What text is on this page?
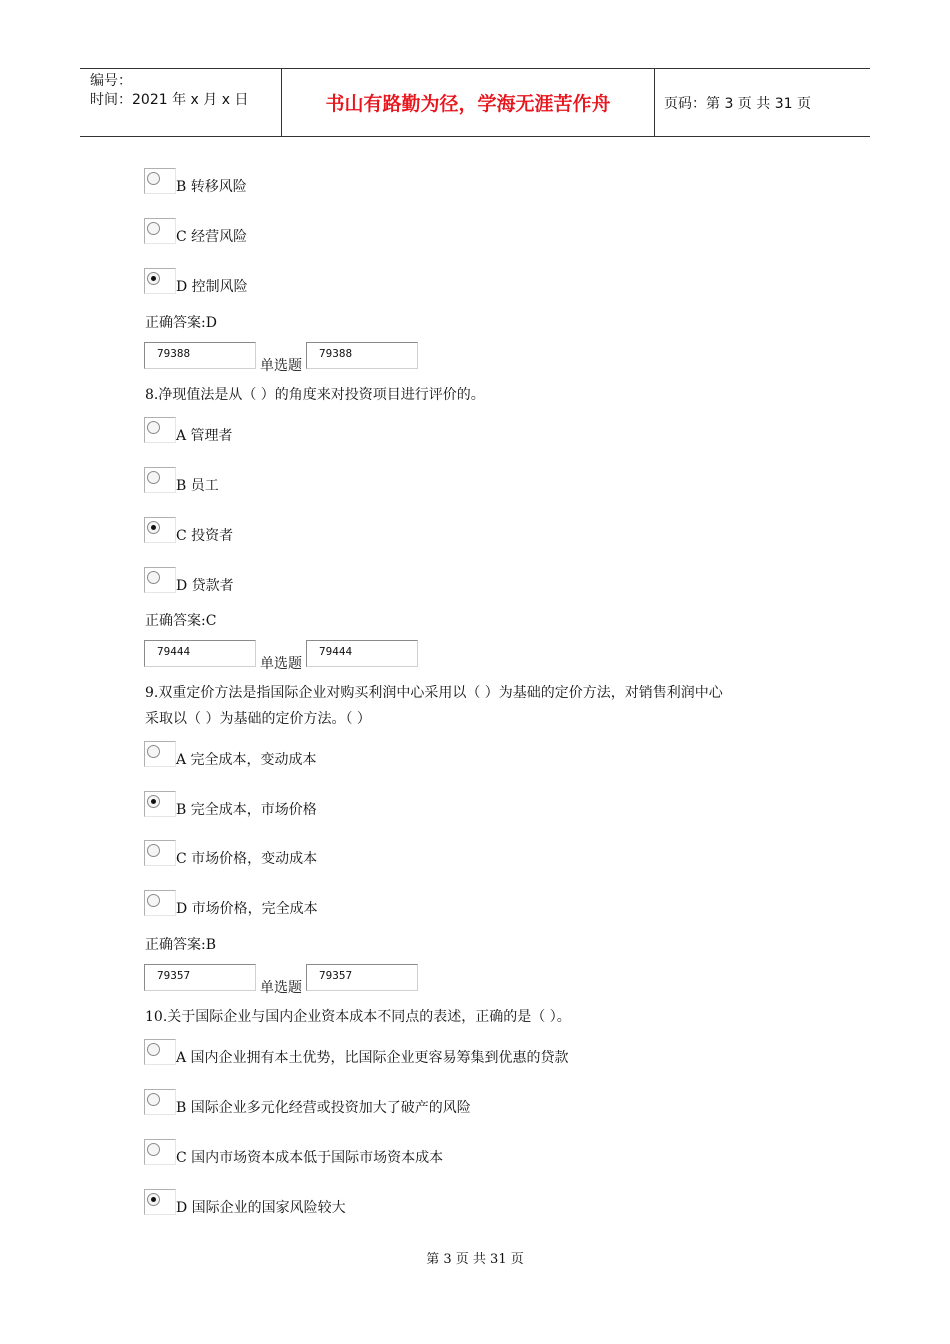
编号：
时间：2021 年 x 月 x 日	书山有路勤为径，学海无涯苦作舟	页码：第 3 页 共 31 页
B 转移风险
C 经营风险
D 控制风险
正确答案:D
79388
单选题
79388
8.净现值法是从（ ）的角度来对投资项目进行评价的。
A 管理者
B 员工
C 投资者
D 贷款者
正确答案:C
79444
单选题
79444
9.双重定价方法是指国际企业对购买利润中心采用以（ ）为基础的定价方法，对销售利润中心
采取以（ ）为基础的定价方法。（ ）
A 完全成本，变动成本
B 完全成本，市场价格
C 市场价格，变动成本
D 市场价格，完全成本
正确答案:B
79357
单选题
79357
10.关于国际企业与国内企业资本成本不同点的表述，正确的是（ ）。
A 国内企业拥有本土优势，比国际企业更容易筹集到优惠的贷款
B 国际企业多元化经营或投资加大了破产的风险
C 国内市场资本成本低于国际市场资本成本
D 国际企业的国家风险较大
第 3 页 共 31 页
